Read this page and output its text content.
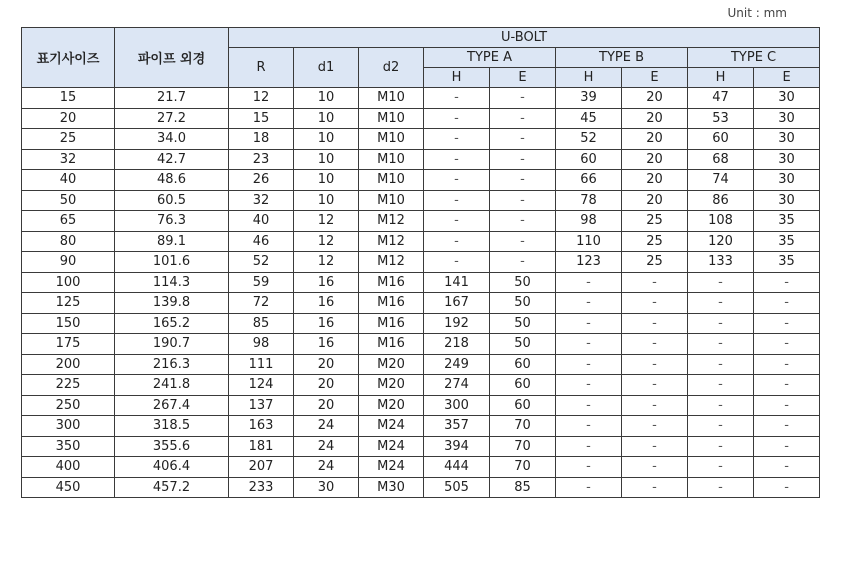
Unit : mm
표기사이즈	파이프 외경	U-BOLT								
		R	d1	d2	TYPE A		TYPE B		TYPE C	
					H	E	H	E	H	E
15	21.7	12	10	M10	-	-	39	20	47	30
20	27.2	15	10	M10	-	-	45	20	53	30
25	34.0	18	10	M10	-	-	52	20	60	30
32	42.7	23	10	M10	-	-	60	20	68	30
40	48.6	26	10	M10	-	-	66	20	74	30
50	60.5	32	10	M10	-	-	78	20	86	30
65	76.3	40	12	M12	-	-	98	25	108	35
80	89.1	46	12	M12	-	-	110	25	120	35
90	101.6	52	12	M12	-	-	123	25	133	35
100	114.3	59	16	M16	141	50	-	-	-	-
125	139.8	72	16	M16	167	50	-	-	-	-
150	165.2	85	16	M16	192	50	-	-	-	-
175	190.7	98	16	M16	218	50	-	-	-	-
200	216.3	111	20	M20	249	60	-	-	-	-
225	241.8	124	20	M20	274	60	-	-	-	-
250	267.4	137	20	M20	300	60	-	-	-	-
300	318.5	163	24	M24	357	70	-	-	-	-
350	355.6	181	24	M24	394	70	-	-	-	-
400	406.4	207	24	M24	444	70	-	-	-	-
450	457.2	233	30	M30	505	85	-	-	-	-
